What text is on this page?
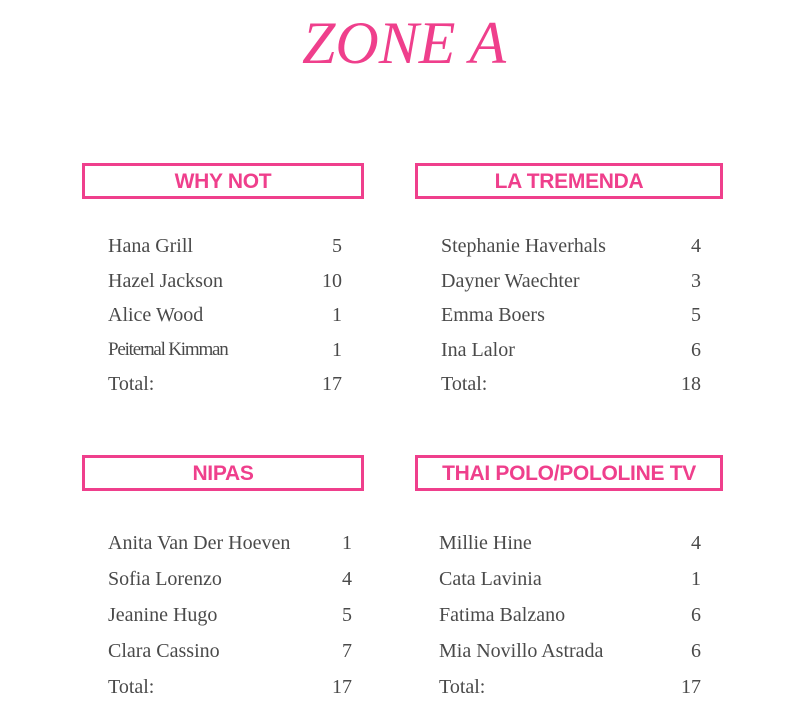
ZONE A
WHY NOT
Hana Grill	5
Hazel Jackson	10
Alice Wood	1
Peiternal Kimman	1
Total:	17
LA TREMENDA
Stephanie Haverhals	4
Dayner Waechter	3
Emma Boers	5
Ina Lalor	6
Total:	18
NIPAS
Anita Van Der Hoeven	1
Sofia Lorenzo	4
Jeanine Hugo	5
Clara Cassino	7
Total:	17
THAI POLO/POLOLINE TV
Millie Hine	4
Cata Lavinia	1
Fatima Balzano	6
Mia Novillo Astrada	6
Total:	17
